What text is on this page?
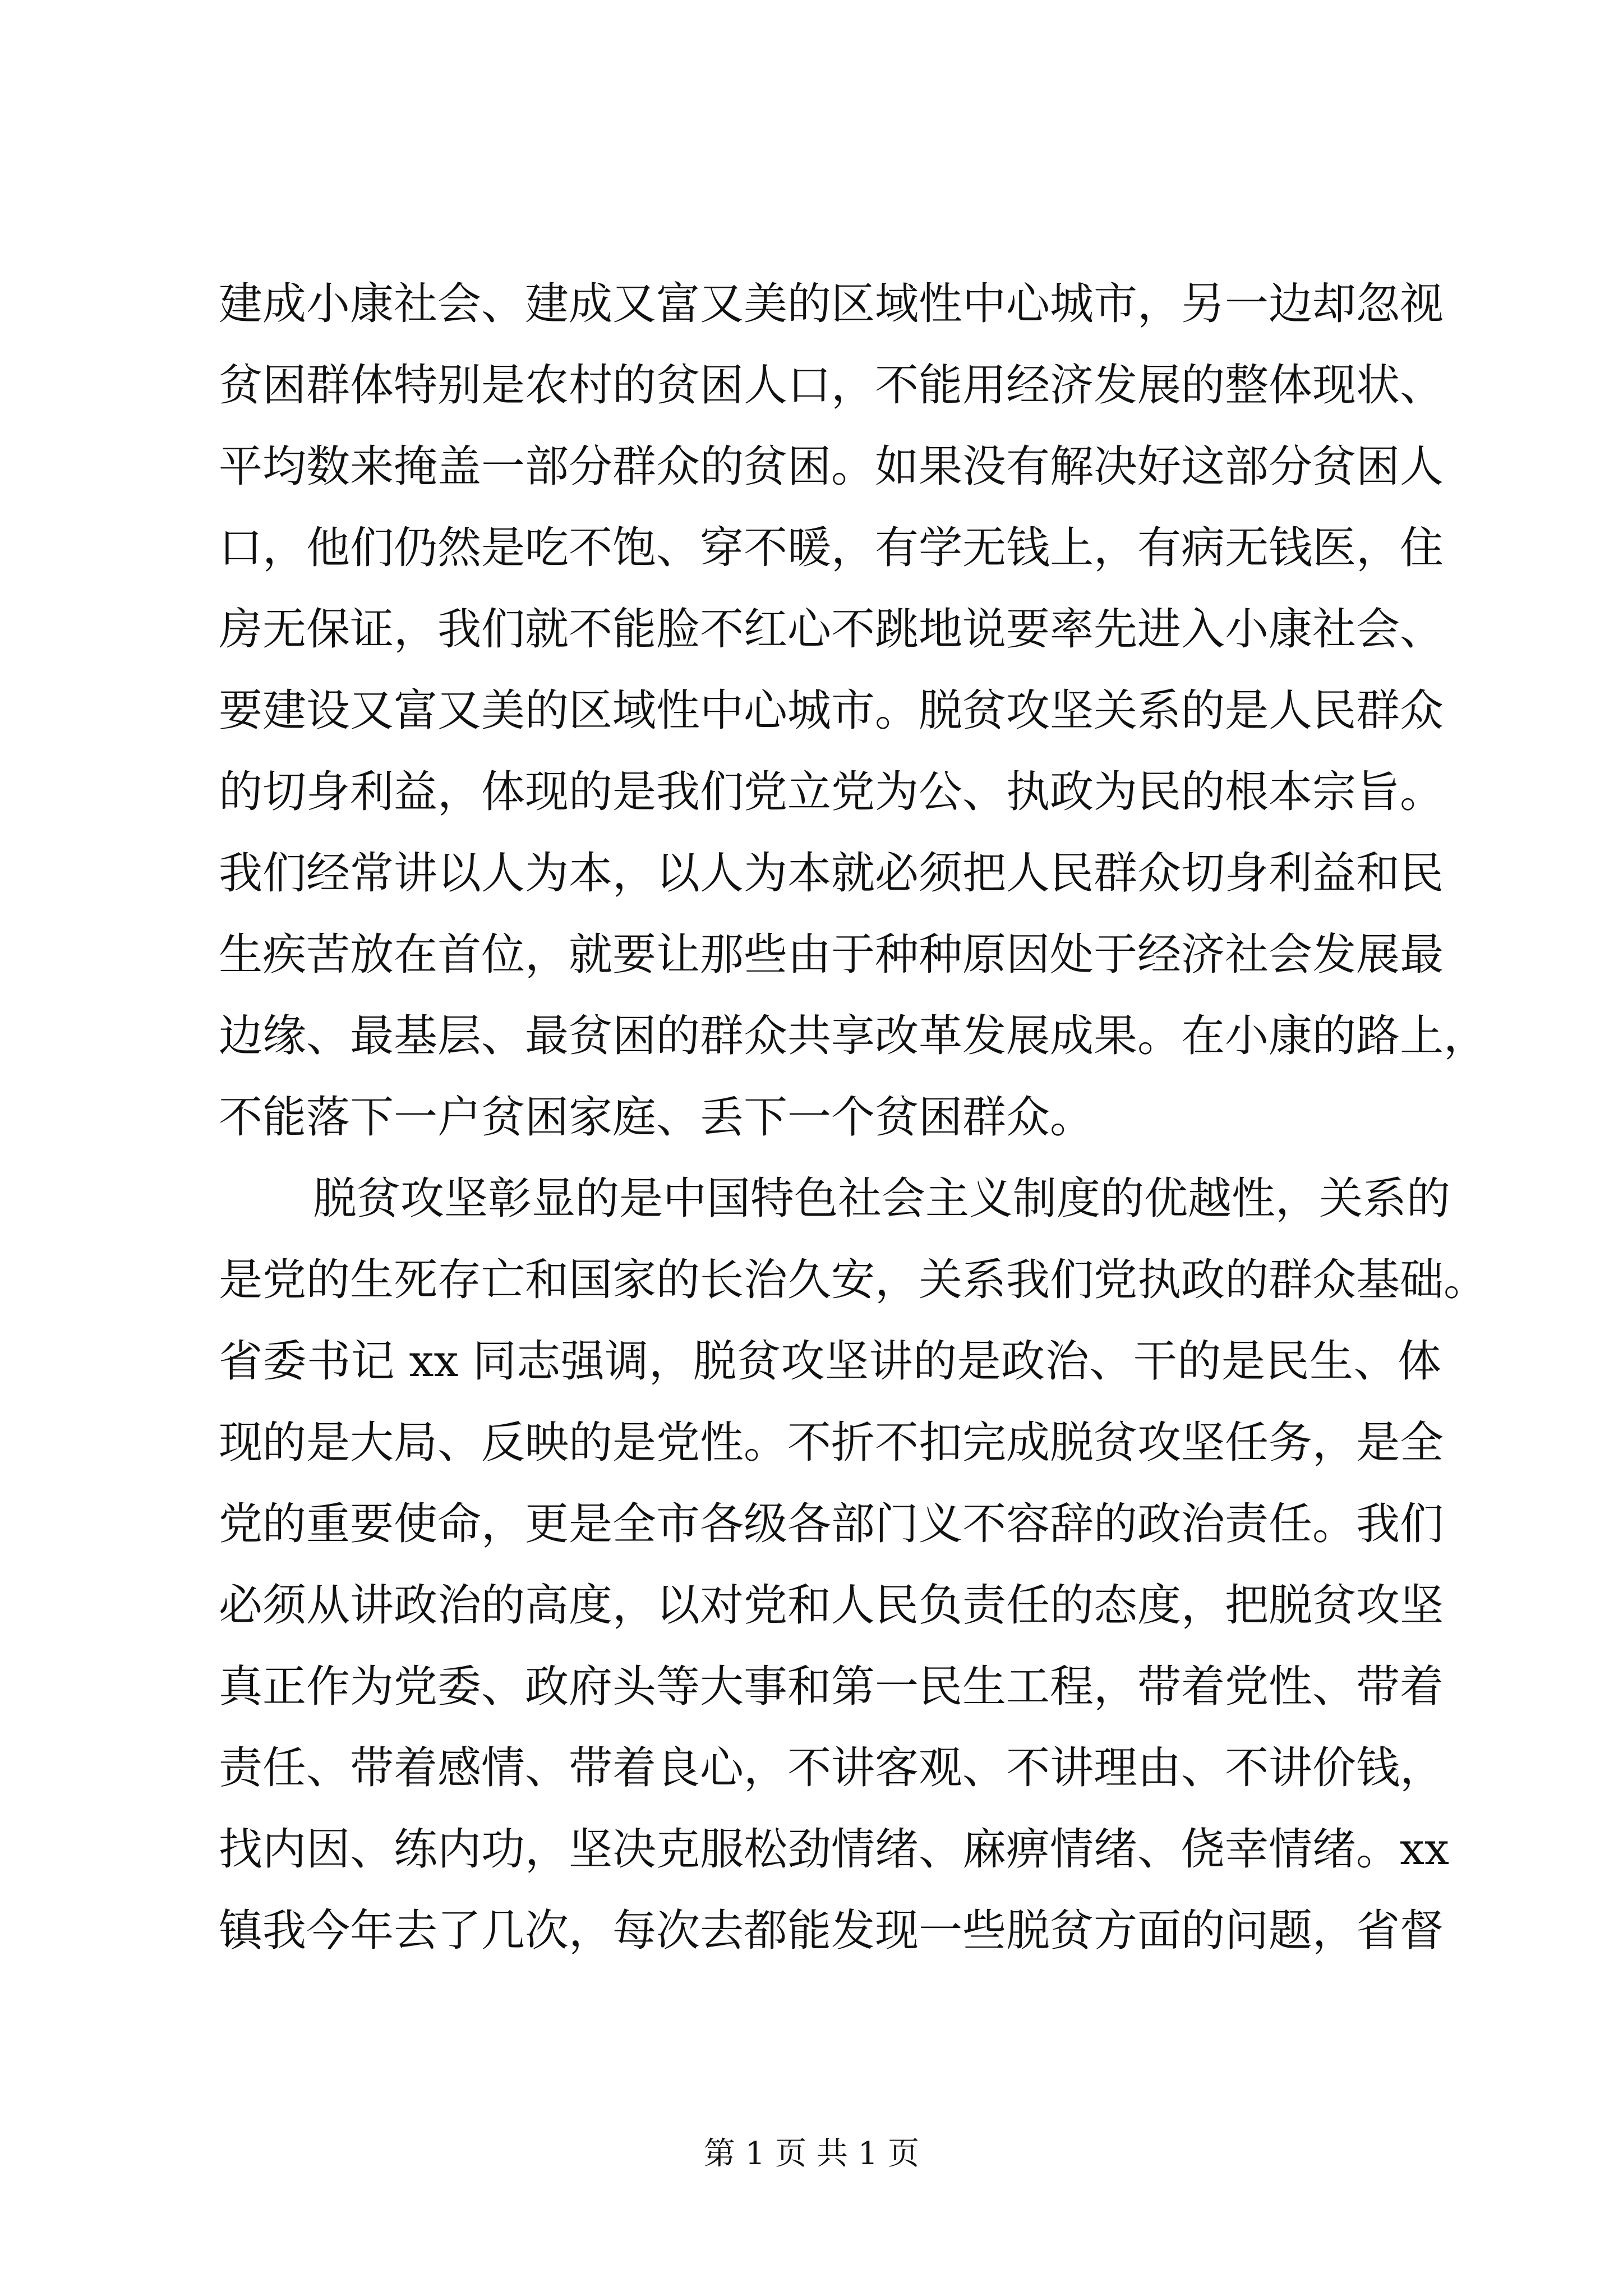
建成小康社会、建成又富又美的区域性中心城市，另一边却忽视
贫困群体特别是农村的贫困人口，不能用经济发展的整体现状、
平均数来掩盖一部分群众的贫困。如果没有解决好这部分贫困人
口，他们仍然是吃不饱、穿不暖，有学无钱上，有病无钱医，住
房无保证，我们就不能脸不红心不跳地说要率先进入小康社会、
要建设又富又美的区域性中心城市。脱贫攻坚关系的是人民群众
的切身利益，体现的是我们党立党为公、执政为民的根本宗旨。
我们经常讲以人为本，以人为本就必须把人民群众切身利益和民
生疾苦放在首位，就要让那些由于种种原因处于经济社会发展最
边缘、最基层、最贫困的群众共享改革发展成果。在小康的路上，
不能落下一户贫困家庭、丢下一个贫困群众。
脱贫攻坚彰显的是中国特色社会主义制度的优越性，关系的
是党的生死存亡和国家的长治久安，关系我们党执政的群众基础。
省委书记 xx 同志强调，脱贫攻坚讲的是政治、干的是民生、体
现的是大局、反映的是党性。不折不扣完成脱贫攻坚任务，是全
党的重要使命，更是全市各级各部门义不容辞的政治责任。我们
必须从讲政治的高度，以对党和人民负责任的态度，把脱贫攻坚
真正作为党委、政府头等大事和第一民生工程，带着党性、带着
责任、带着感情、带着良心，不讲客观、不讲理由、不讲价钱，
找内因、练内功，坚决克服松劲情绪、麻痹情绪、侥幸情绪。xx
镇我今年去了几次，每次去都能发现一些脱贫方面的问题，省督
第 1 页 共 1 页
